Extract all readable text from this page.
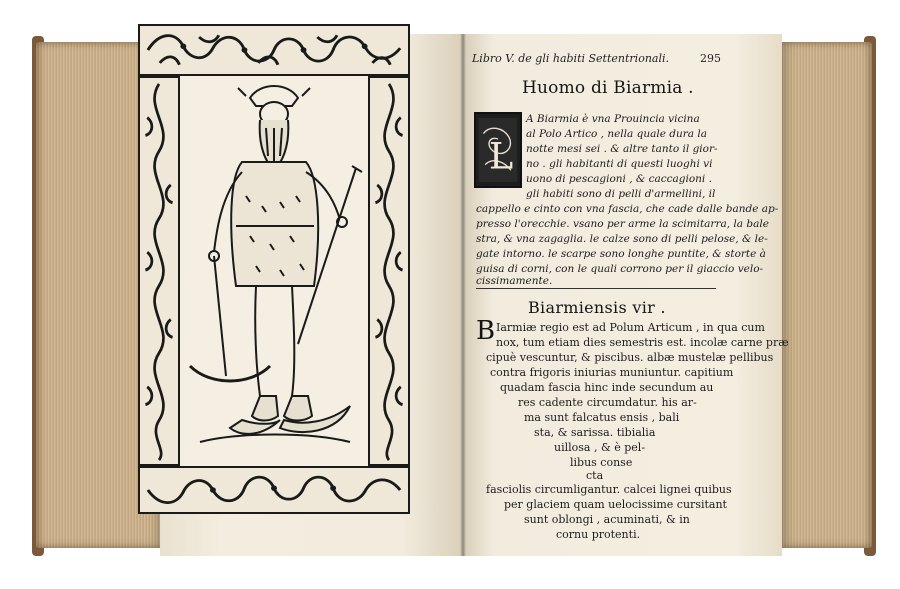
Libro V. de gli habiti Settentrionali.	295
Huomo di Biarmia .
L
A Biarmia è vna Prouincia vicina
al Polo Artico , nella quale dura la
notte mesi sei . & altre tanto il gior-
no . gli habitanti di questi luoghi vi
uono di pescagioni , & caccagioni .
gli habiti sono di pelli d'armellini, il
cappello e cinto con vna fascia, che cade dalle bande ap-
presso l'orecchie. vsano per arme la scimitarra, la bale
stra, & vna zagaglia. le calze sono di pelli pelose, & le-
gate intorno. le scarpe sono longhe puntite, & storte à
guisa di corni, con le quali corrono per il giaccio velo-
cissimamente.
Biarmiensis vir .
B Iarmiæ regio est ad Polum Articum , in qua cum
nox, tum etiam dies semestris est. incolæ carne præ
cipuè vescuntur, & piscibus. albæ mustelæ pellibus
contra frigoris iniurias muniuntur. capitium
quadam fascia hinc inde secundum au
res cadente circumdatur. his ar-
ma sunt falcatus ensis , bali
sta, & sarissa. tibialia
uillosa , & è pel-
libus conse
cta
fasciolis circumligantur. calcei lignei quibus
per glaciem quam uelocissime cursitant
sunt oblongi , acuminati, & in
cornu protenti.
